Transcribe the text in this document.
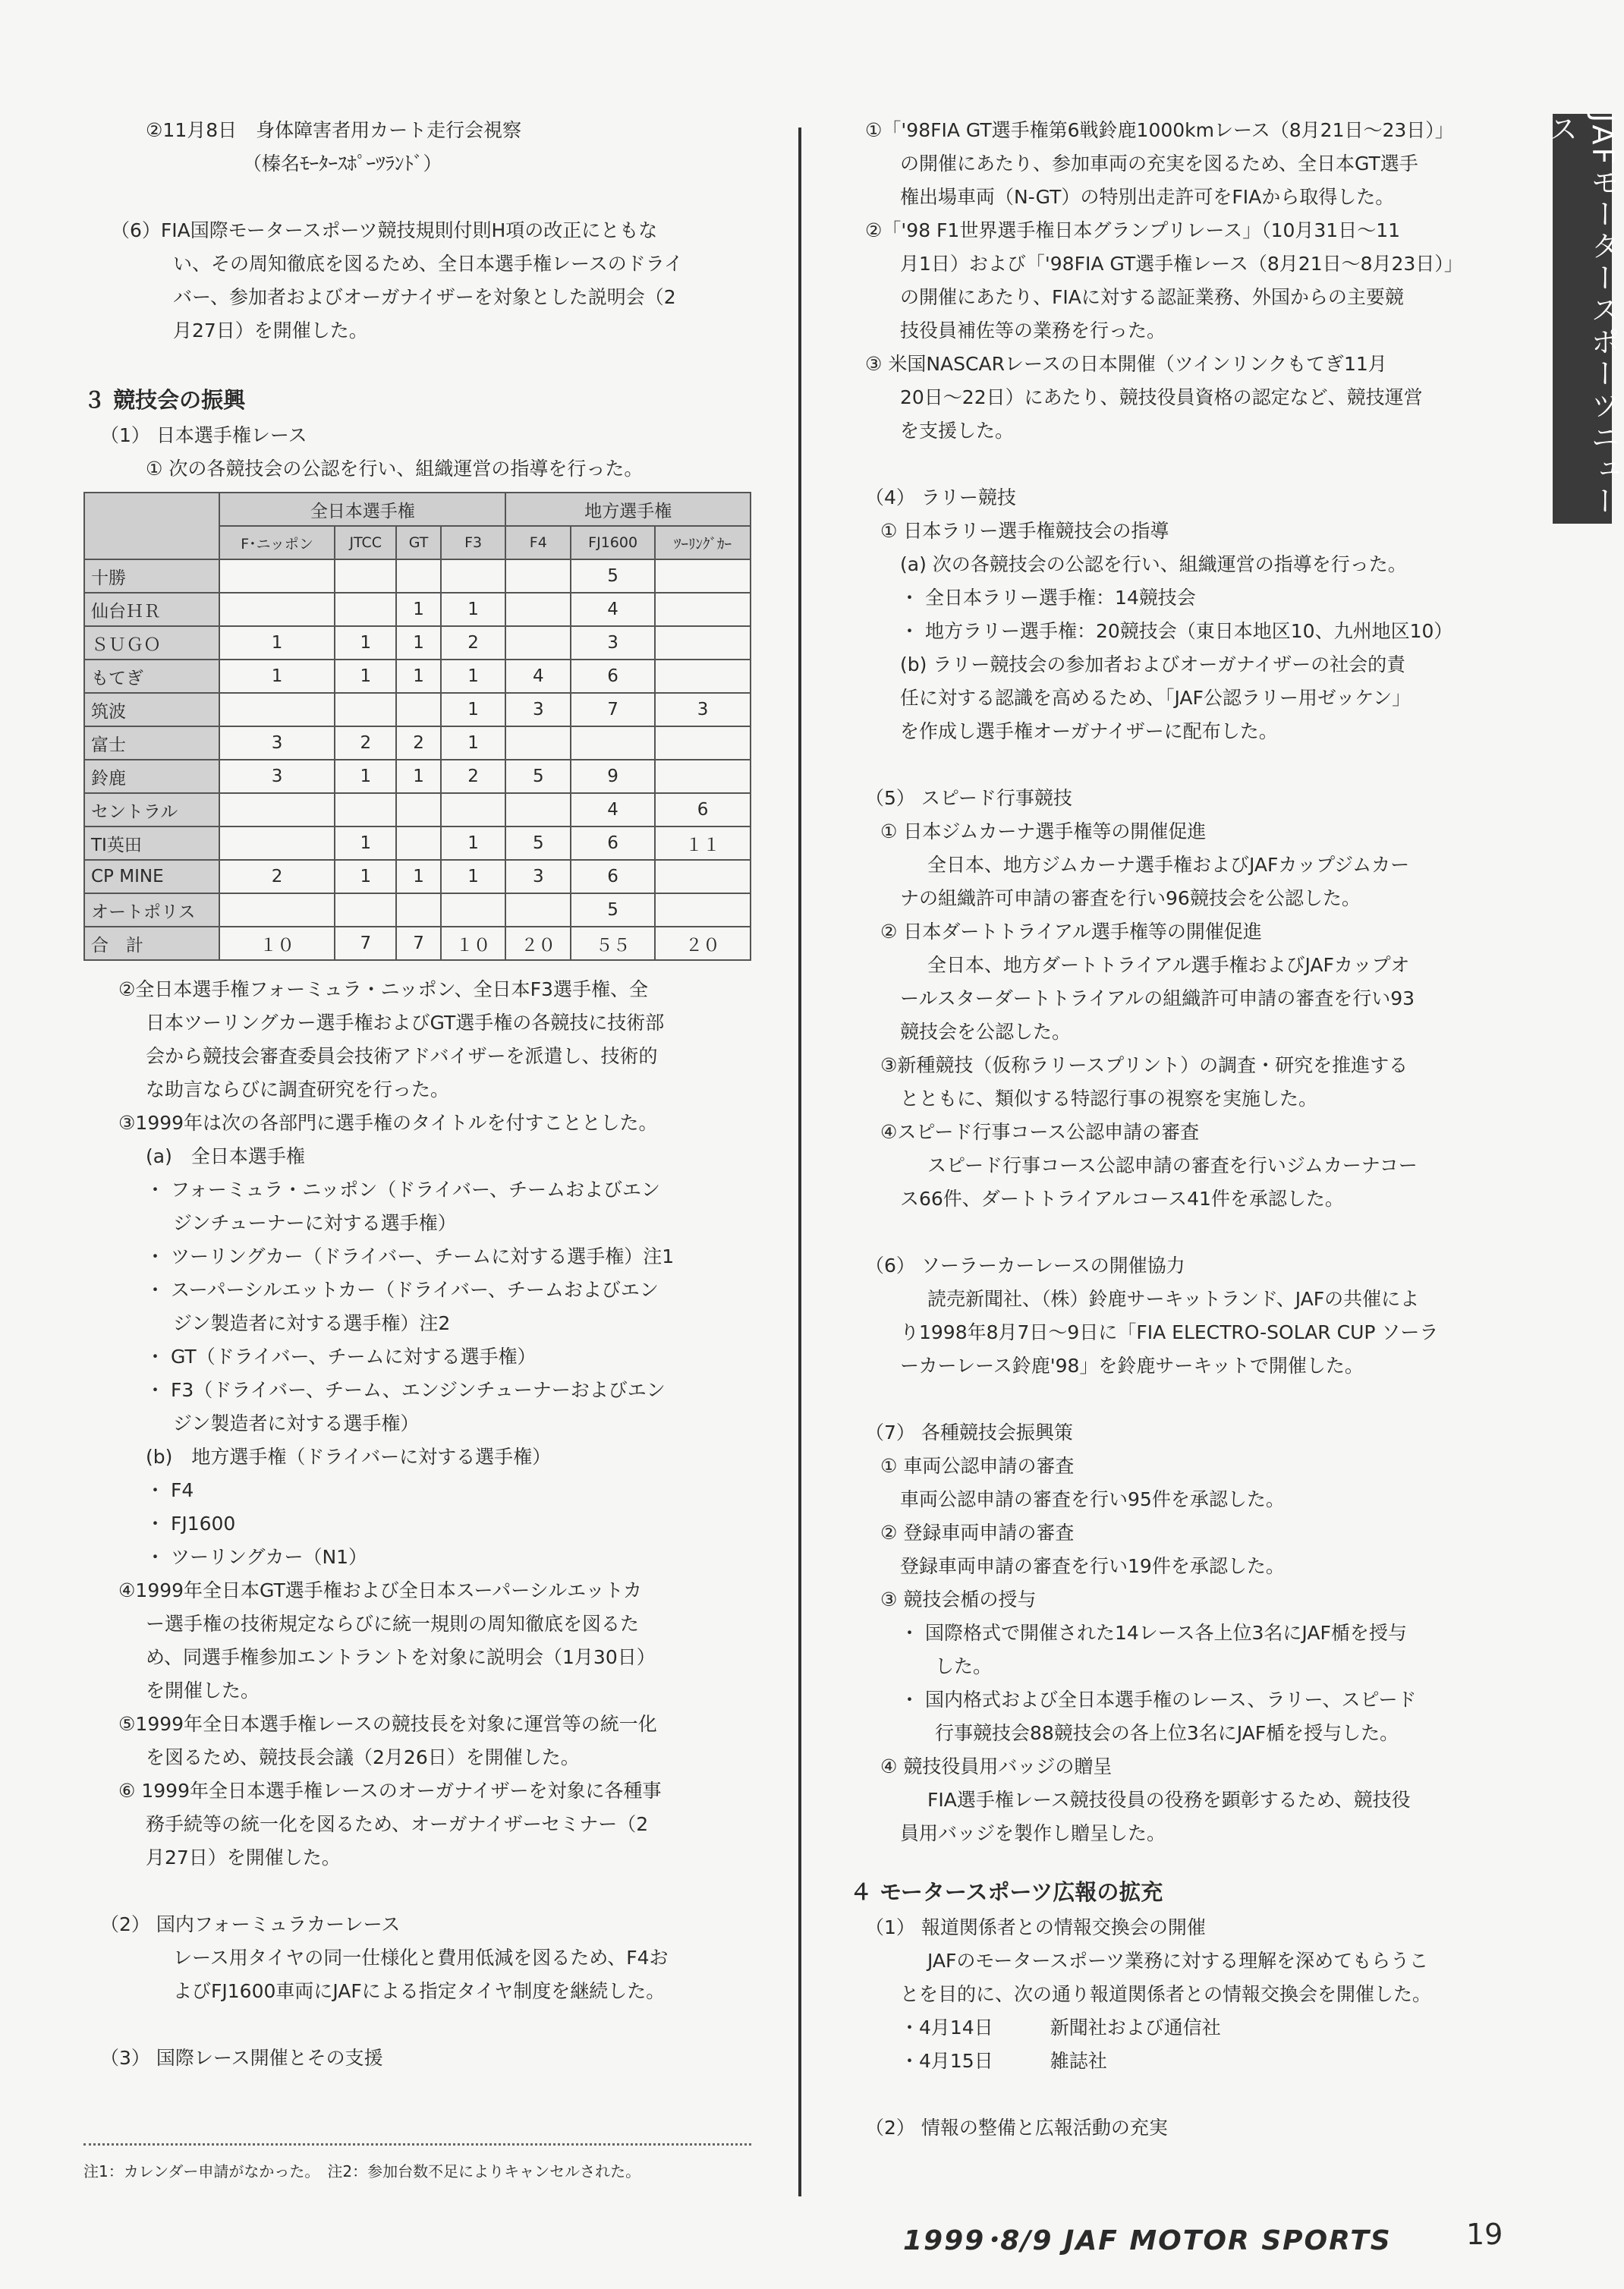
JAFモータースポーツニュース

②11月8日　身体障害者用カート走行会視察

（榛名ﾓｰﾀｰｽﾎﾟｰﾂﾗﾝﾄﾞ）

（6）FIA国際モータースポーツ競技規則付則H項の改正にともな

い、その周知徹底を図るため、全日本選手権レースのドライ

バー、参加者およびオーガナイザーを対象とした説明会（2

月27日）を開催した。

３ 競技会の振興

（1） 日本選手権レース

① 次の各競技会の公認を行い、組織運営の指導を行った。

	全日本選手権				地方選手権		
	F･ニッポン	JTCC	GT	F3	F4	FJ1600	ﾂｰﾘﾝｸﾞｶｰ
十勝						5	
仙台ＨＲ			1	1		4	
ＳＵＧＯ	1	1	1	2		3	
もてぎ	1	1	1	1	4	6	
筑波				1	3	7	3
富士	3	2	2	1			
鈴鹿	3	1	1	2	5	9	
セントラル						4	6
TI英田		1		1	5	6	１１
CP MINE	2	1	1	1	3	6	
オートポリス						5	
合　計	１０	7	7	１０	２０	５５	２０

②全日本選手権フォーミュラ・ニッポン、全日本F3選手権、全

日本ツーリングカー選手権およびGT選手権の各競技に技術部

会から競技会審査委員会技術アドバイザーを派遣し、技術的

な助言ならびに調査研究を行った。

③1999年は次の各部門に選手権のタイトルを付すこととした。

(a)　全日本選手権

・ フォーミュラ・ニッポン（ドライバー、チームおよびエン

ジンチューナーに対する選手権）

・ ツーリングカー（ドライバー、チームに対する選手権）注1

・ スーパーシルエットカー（ドライバー、チームおよびエン

ジン製造者に対する選手権）注2

・ GT（ドライバー、チームに対する選手権）

・ F3（ドライバー、チーム、エンジンチューナーおよびエン

ジン製造者に対する選手権）

(b)　地方選手権（ドライバーに対する選手権）

・ F4

・ FJ1600

・ ツーリングカー（N1）

④1999年全日本GT選手権および全日本スーパーシルエットカ

ー選手権の技術規定ならびに統一規則の周知徹底を図るた

め、同選手権参加エントラントを対象に説明会（1月30日）

を開催した。

⑤1999年全日本選手権レースの競技長を対象に運営等の統一化

を図るため、競技長会議（2月26日）を開催した。

⑥ 1999年全日本選手権レースのオーガナイザーを対象に各種事

務手続等の統一化を図るため、オーガナイザーセミナー（2

月27日）を開催した。

（2） 国内フォーミュラカーレース

レース用タイヤの同一仕様化と費用低減を図るため、F4お

よびFJ1600車両にJAFによる指定タイヤ制度を継続した。

（3） 国際レース開催とその支援

注1：カレンダー申請がなかった。　注2：参加台数不足によりキャンセルされた。

①「'98FIA GT選手権第6戦鈴鹿1000kmレース（8月21日〜23日）」

の開催にあたり、参加車両の充実を図るため、全日本GT選手

権出場車両（N-GT）の特別出走許可をFIAから取得した。

②「'98 F1世界選手権日本グランプリレース」（10月31日〜11

月1日）および「'98FIA GT選手権レース（8月21日〜8月23日）」

の開催にあたり、FIAに対する認証業務、外国からの主要競

技役員補佐等の業務を行った。

③ 米国NASCARレースの日本開催（ツインリンクもてぎ11月

20日〜22日）にあたり、競技役員資格の認定など、競技運営

を支援した。

（4） ラリー競技

① 日本ラリー選手権競技会の指導

(a) 次の各競技会の公認を行い、組織運営の指導を行った。

・ 全日本ラリー選手権：14競技会

・ 地方ラリー選手権：20競技会（東日本地区10、九州地区10）

(b) ラリー競技会の参加者およびオーガナイザーの社会的責

任に対する認識を高めるため、「JAF公認ラリー用ゼッケン」

を作成し選手権オーガナイザーに配布した。

（5） スピード行事競技

① 日本ジムカーナ選手権等の開催促進

全日本、地方ジムカーナ選手権およびJAFカップジムカー

ナの組織許可申請の審査を行い96競技会を公認した。

② 日本ダートトライアル選手権等の開催促進

全日本、地方ダートトライアル選手権およびJAFカップオ

ールスターダートトライアルの組織許可申請の審査を行い93

競技会を公認した。

③新種競技（仮称ラリースプリント）の調査・研究を推進する

とともに、類似する特認行事の視察を実施した。

④スピード行事コース公認申請の審査

スピード行事コース公認申請の審査を行いジムカーナコー

ス66件、ダートトライアルコース41件を承認した。

（6） ソーラーカーレースの開催協力

読売新聞社、（株）鈴鹿サーキットランド、JAFの共催によ

り1998年8月7日〜9日に「FIA ELECTRO-SOLAR CUP ソーラ

ーカーレース鈴鹿'98」を鈴鹿サーキットで開催した。

（7） 各種競技会振興策

① 車両公認申請の審査

車両公認申請の審査を行い95件を承認した。

② 登録車両申請の審査

登録車両申請の審査を行い19件を承認した。

③ 競技会楯の授与

・ 国際格式で開催された14レース各上位3名にJAF楯を授与

した。

・ 国内格式および全日本選手権のレース、ラリー、スピード

行事競技会88競技会の各上位3名にJAF楯を授与した。

④ 競技役員用バッジの贈呈

FIA選手権レース競技役員の役務を顕彰するため、競技役

員用バッジを製作し贈呈した。

４ モータースポーツ広報の拡充

（1） 報道関係者との情報交換会の開催

JAFのモータースポーツ業務に対する理解を深めてもらうこ

とを目的に、次の通り報道関係者との情報交換会を開催した。

・4月14日　　　新聞社および通信社

・4月15日　　　雑誌社

（2） 情報の整備と広報活動の充実

1999･8/9 JAF MOTOR SPORTS	19
